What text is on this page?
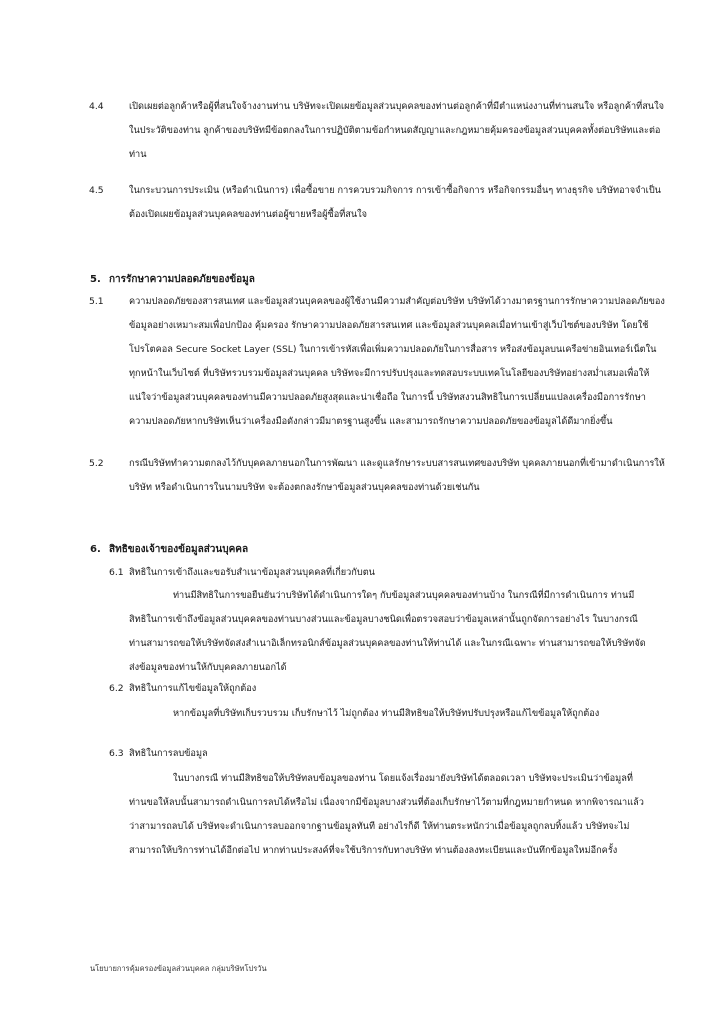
4.4	เปิดเผยต่อลูกค้าหรือผู้ที่สนใจจ้างงานท่าน บริษัทจะเปิดเผยข้อมูลส่วนบุคคลของท่านต่อลูกค้าที่มีตำแหน่งงานที่ท่านสนใจ หรือลูกค้าที่สนใจในประวัติของท่าน ลูกค้าของบริษัทมีข้อตกลงในการปฏิบัติตามข้อกำหนดสัญญาและกฎหมายคุ้มครองข้อมูลส่วนบุคคลทั้งต่อบริษัทและต่อท่าน
4.5	ในกระบวนการประเมิน (หรือดำเนินการ) เพื่อซื้อขาย การควบรวมกิจการ การเข้าซื้อกิจการ หรือกิจกรรมอื่นๆ ทางธุรกิจ บริษัทอาจจำเป็นต้องเปิดเผยข้อมูลส่วนบุคคลของท่านต่อผู้ขายหรือผู้ซื้อที่สนใจ
5. การรักษาความปลอดภัยของข้อมูล
5.1	ความปลอดภัยของสารสนเทศ และข้อมูลส่วนบุคคลของผู้ใช้งานมีความสำคัญต่อบริษัท บริษัทได้วางมาตรฐานการรักษาความปลอดภัยของข้อมูลอย่างเหมาะสมเพื่อปกป้อง คุ้มครอง รักษาความปลอดภัยสารสนเทศ และข้อมูลส่วนบุคคลเมื่อท่านเข้าสู่เว็บไซต์ของบริษัท โดยใช้โปรโตคอล Secure Socket Layer (SSL) ในการเข้ารหัสเพื่อเพิ่มความปลอดภัยในการสื่อสาร หรือส่งข้อมูลบนเครือข่ายอินเทอร์เน็ตในทุกหน้าในเว็บไซต์ ที่บริษัทรวบรวมข้อมูลส่วนบุคคล บริษัทจะมีการปรับปรุงและทดสอบระบบเทคโนโลยีของบริษัทอย่างสม่ำเสมอเพื่อให้แน่ใจว่าข้อมูลส่วนบุคคลของท่านมีความปลอดภัยสูงสุดและน่าเชื่อถือ ในการนี้ บริษัทสงวนสิทธิในการเปลี่ยนแปลงเครื่องมือการรักษาความปลอดภัยหากบริษัทเห็นว่าเครื่องมือดังกล่าวมีมาตรฐานสูงขึ้น และสามารถรักษาความปลอดภัยของข้อมูลได้ดีมากยิ่งขึ้น
5.2	กรณีบริษัททำความตกลงไว้กับบุคคลภายนอกในการพัฒนา และดูแลรักษาระบบสารสนเทศของบริษัท บุคคลภายนอกที่เข้ามาดำเนินการให้บริษัท หรือดำเนินการในนามบริษัท จะต้องตกลงรักษาข้อมูลส่วนบุคคลของท่านด้วยเช่นกัน
6. สิทธิของเจ้าของข้อมูลส่วนบุคคล
6.1 สิทธิในการเข้าถึงและขอรับสำเนาข้อมูลส่วนบุคคลที่เกี่ยวกับตน
ท่านมีสิทธิในการขอยืนยันว่าบริษัทได้ดำเนินการใดๆ กับข้อมูลส่วนบุคคลของท่านบ้าง ในกรณีที่มีการดำเนินการ ท่านมีสิทธิในการเข้าถึงข้อมูลส่วนบุคคลของท่านบางส่วนและข้อมูลบางชนิดเพื่อตรวจสอบว่าข้อมูลเหล่านั้นถูกจัดการอย่างไร ในบางกรณี ท่านสามารถขอให้บริษัทจัดส่งสำเนาอิเล็กทรอนิกส์ข้อมูลส่วนบุคคลของท่านให้ท่านได้ และในกรณีเฉพาะ ท่านสามารถขอให้บริษัทจัดส่งข้อมูลของท่านให้กับบุคคลภายนอกได้
6.2 สิทธิในการแก้ไขข้อมูลให้ถูกต้อง
หากข้อมูลที่บริษัทเก็บรวบรวม เก็บรักษาไว้ ไม่ถูกต้อง ท่านมีสิทธิขอให้บริษัทปรับปรุงหรือแก้ไขข้อมูลให้ถูกต้อง
6.3 สิทธิในการลบข้อมูล
ในบางกรณี ท่านมีสิทธิขอให้บริษัทลบข้อมูลของท่าน โดยแจ้งเรื่องมายังบริษัทได้ตลอดเวลา บริษัทจะประเมินว่าข้อมูลที่ท่านขอให้ลบนั้นสามารถดำเนินการลบได้หรือไม่ เนื่องจากมีข้อมูลบางส่วนที่ต้องเก็บรักษาไว้ตามที่กฎหมายกำหนด หากพิจารณาแล้วว่าสามารถลบได้ บริษัทจะดำเนินการลบออกจากฐานข้อมูลทันที อย่างไรก็ดี ให้ท่านตระหนักว่าเมื่อข้อมูลถูกลบทิ้งแล้ว บริษัทจะไม่สามารถให้บริการท่านได้อีกต่อไป หากท่านประสงค์ที่จะใช้บริการกับทางบริษัท ท่านต้องลงทะเบียนและบันทึกข้อมูลใหม่อีกครั้ง
นโยบายการคุ้มครองข้อมูลส่วนบุคคล กลุ่มบริษัทโปรวัน
